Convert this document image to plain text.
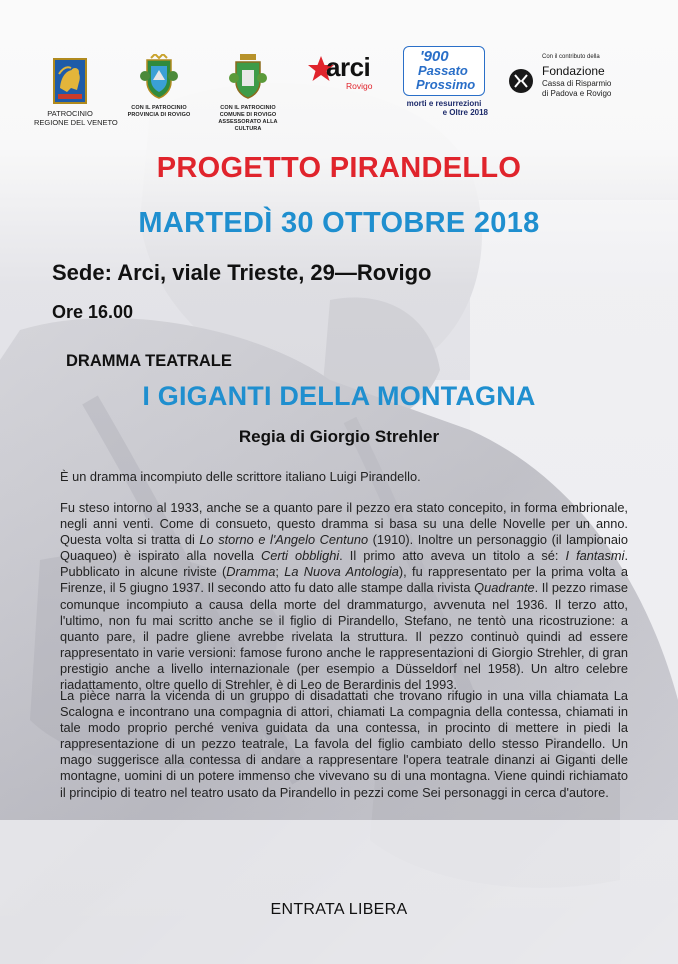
PATROCINIO
REGIONE DEL VENETO
CON IL PATROCINIO
PROVINCIA DI ROVIGO
CON IL PATROCINIO
COMUNE DI ROVIGO
ASSESSORATO ALLA CULTURA
arci
Rovigo
'900
Passato
Prossimo
morti e resurrezioni
e Oltre 2018
Con il contributo della
Fondazione
Cassa di Risparmio
di Padova e Rovigo
PROGETTO PIRANDELLO
MARTEDÌ 30 OTTOBRE 2018
Sede: Arci, viale Trieste, 29—Rovigo
Ore 16.00
DRAMMA TEATRALE
I GIGANTI DELLA MONTAGNA
Regia di Giorgio Strehler
È un dramma incompiuto delle scrittore italiano Luigi Pirandello.
Fu steso intorno al 1933, anche se a quanto pare il pezzo era stato concepito, in forma embrionale, negli anni venti. Come di consueto, questo dramma si basa su una delle Novelle per un anno. Questa volta si tratta di Lo storno e l'Angelo Centuno (1910). Inoltre un personaggio (il lampionaio Quaqueo) è ispirato alla novella Certi obblighi. Il primo atto aveva un titolo a sé: I fantasmi. Pubblicato in alcune riviste (Dramma; La Nuova Antologia), fu rappresentato per la prima volta a Firenze, il 5 giugno 1937. Il secondo atto fu dato alle stampe dalla rivista Quadrante. Il pezzo rimase comunque incompiuto a causa della morte del drammaturgo, avvenuta nel 1936. Il terzo atto, l'ultimo, non fu mai scritto anche se il figlio di Pirandello, Stefano, ne tentò una ricostruzione: a quanto pare, il padre gliene avrebbe rivelata la struttura. Il pezzo continuò quindi ad essere rappresentato in varie versioni: famose furono anche le rappresentazioni di Giorgio Strehler, di gran prestigio anche a livello internazionale (per esempio a Düsseldorf nel 1958). Un altro celebre riadattamento, oltre quello di Strehler, è di Leo de Berardinis del 1993.
La pièce narra la vicenda di un gruppo di disadattati che trovano rifugio in una villa chiamata La Scalogna e incontrano una compagnia di attori, chiamati La compagnia della contessa, chiamati in tale modo proprio perché veniva guidata da una contessa, in procinto di mettere in piedi la rappresentazione di un pezzo teatrale, La favola del figlio cambiato dello stesso Pirandello. Un mago suggerisce alla contessa di andare a rappresentare l'opera teatrale dinanzi ai Giganti delle montagne, uomini di un potere immenso che vivevano su di una montagna. Viene quindi richiamato il principio di teatro nel teatro usato da Pirandello in pezzi come Sei personaggi in cerca d'autore.
ENTRATA LIBERA
